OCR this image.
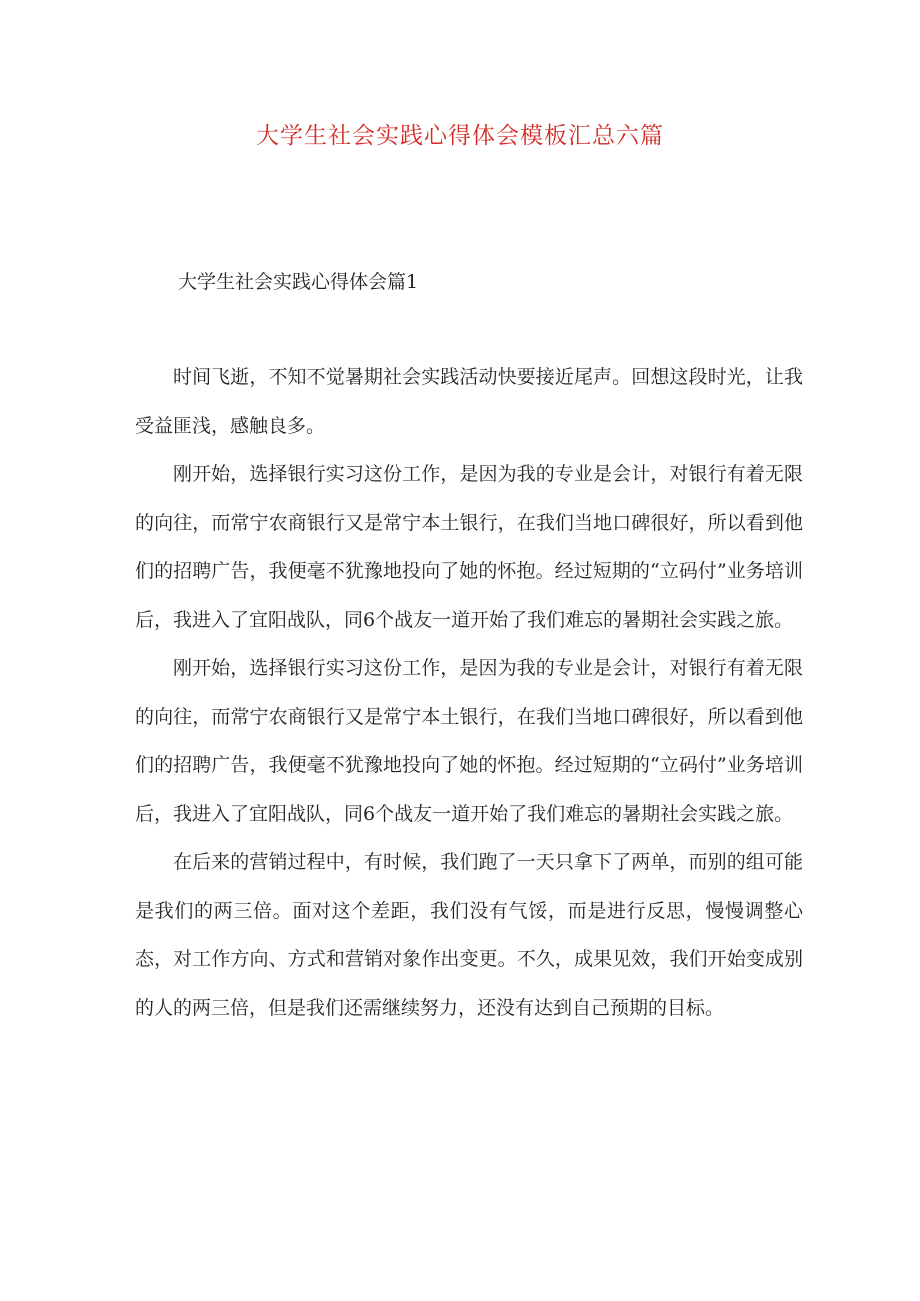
大学生社会实践心得体会模板汇总六篇
大学生社会实践心得体会篇1

时间飞逝，不知不觉暑期社会实践活动快要接近尾声。回想这段时光，让我受益匪浅，感触良多。

刚开始，选择银行实习这份工作，是因为我的专业是会计，对银行有着无限的向往，而常宁农商银行又是常宁本土银行，在我们当地口碑很好，所以看到他们的招聘广告，我便毫不犹豫地投向了她的怀抱。经过短期的“立码付”业务培训后，我进入了宜阳战队，同6个战友一道开始了我们难忘的暑期社会实践之旅。

刚开始，选择银行实习这份工作，是因为我的专业是会计，对银行有着无限的向往，而常宁农商银行又是常宁本土银行，在我们当地口碑很好，所以看到他们的招聘广告，我便毫不犹豫地投向了她的怀抱。经过短期的“立码付”业务培训后，我进入了宜阳战队，同6个战友一道开始了我们难忘的暑期社会实践之旅。

在后来的营销过程中，有时候，我们跑了一天只拿下了两单，而别的组可能是我们的两三倍。面对这个差距，我们没有气馁，而是进行反思，慢慢调整心态，对工作方向、方式和营销对象作出变更。不久，成果见效，我们开始变成别的人的两三倍，但是我们还需继续努力，还没有达到自己预期的目标。
